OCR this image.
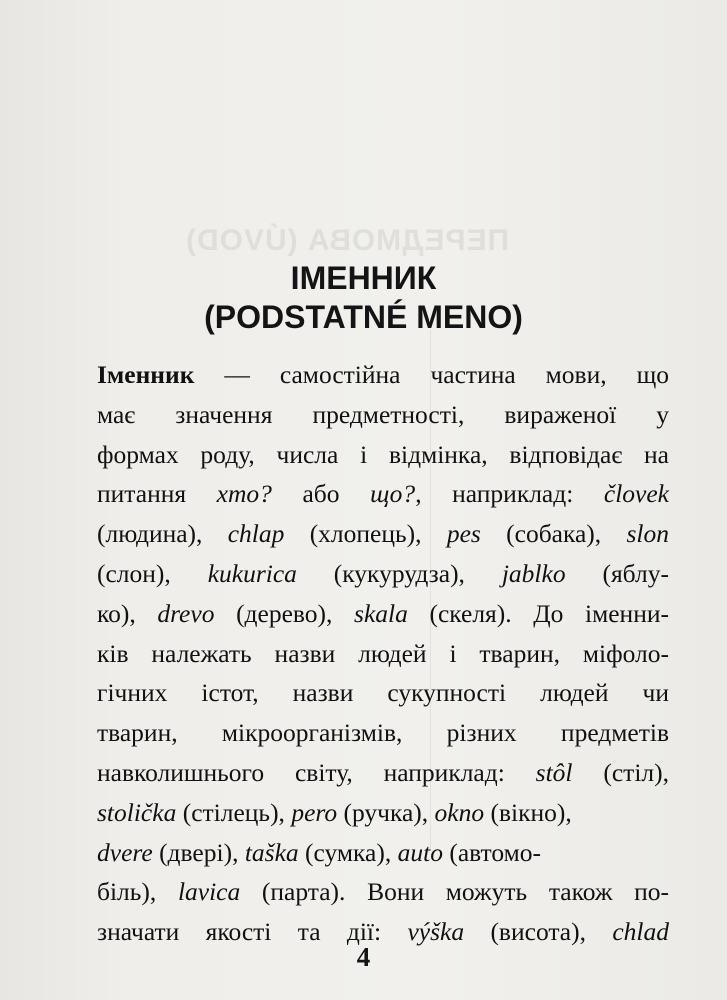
ПЕРЕДМОВА (ÚVOD)
ІМЕННИК
(PODSTATNÉ MENO)
Іменник — самостійна частина мови, що
має значення предметності, вираженої у
формах роду, числа і відмінка, відповідає на
питання хто? або що?, наприклад: človek
(людина), chlap (хлопець), pes (собака), slon
(слон), kukurica (кукурудза), jablko (яблу-
ко), drevo (дерево), skala (скеля). До іменни-
ків належать назви людей і тварин, міфоло-
гічних істот, назви сукупності людей чи
тварин, мікроорганізмів, різних предметів
навколишнього світу, наприклад: stôl (стіл),
stolička (стілець), pero (ручка), okno (вікно),
dvere (двері), taška (сумка), auto (автомо-
біль), lavica (парта). Вони можуть також по-
значати якості та дії: výška (висота), chlad
4
